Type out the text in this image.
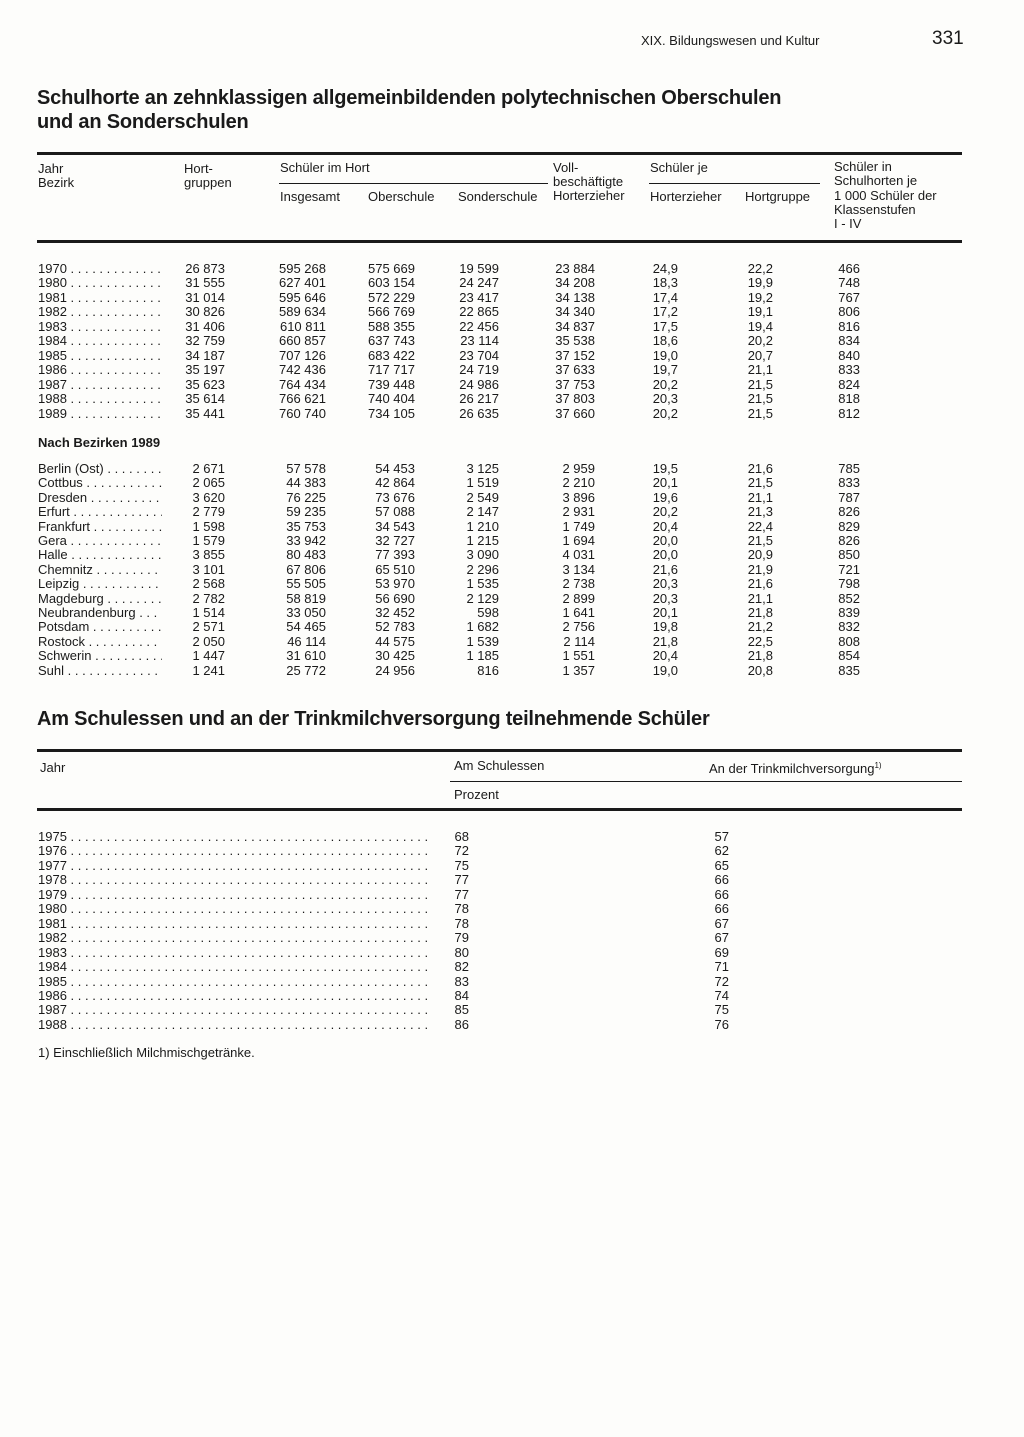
XIX. Bildungswesen und Kultur	331
Schulhorte an zehnklassigen allgemeinbildenden polytechnischen Oberschulen
und an Sonderschulen
Jahr
Bezirk
Hort-
gruppen
Schüler im Hort
Insgesamt Oberschule Sonderschule
Voll-
beschäftigte
Horterzieher
Schüler je
Horterzieher Hortgruppe
Schüler in
Schulhorten je
1 000 Schüler der
Klassenstufen
I - IV
1970 . . .	26 873	595 268	575 669	19 599	23 884	24,9	22,2	466
1980 . . .	31 555	627 401	603 154	24 247	34 208	18,3	19,9	748
1981 . . .	31 014	595 646	572 229	23 417	34 138	17,4	19,2	767
1982 . . .	30 826	589 634	566 769	22 865	34 340	17,2	19,1	806
1983 . . .	31 406	610 811	588 355	22 456	34 837	17,5	19,4	816
1984 . . .	32 759	660 857	637 743	23 114	35 538	18,6	20,2	834
1985 . . .	34 187	707 126	683 422	23 704	37 152	19,0	20,7	840
1986 . . .	35 197	742 436	717 717	24 719	37 633	19,7	21,1	833
1987 . . .	35 623	764 434	739 448	24 986	37 753	20,2	21,5	824
1988 . . .	35 614	766 621	740 404	26 217	37 803	20,3	21,5	818
1989 . . .	35 441	760 740	734 105	26 635	37 660	20,2	21,5	812
Nach Bezirken 1989
Berlin (Ost) . . .	2 671	57 578	54 453	3 125	2 959	19,5	21,6	785
Cottbus . . .	2 065	44 383	42 864	1 519	2 210	20,1	21,5	833
Dresden . . .	3 620	76 225	73 676	2 549	3 896	19,6	21,1	787
Erfurt . . .	2 779	59 235	57 088	2 147	2 931	20,2	21,3	826
Frankfurt . . .	1 598	35 753	34 543	1 210	1 749	20,4	22,4	829
Gera . . .	1 579	33 942	32 727	1 215	1 694	20,0	21,5	826
Halle . . .	3 855	80 483	77 393	3 090	4 031	20,0	20,9	850
Chemnitz . . .	3 101	67 806	65 510	2 296	3 134	21,6	21,9	721
Leipzig . . .	2 568	55 505	53 970	1 535	2 738	20,3	21,6	798
Magdeburg . . .	2 782	58 819	56 690	2 129	2 899	20,3	21,1	852
Neubrandenburg . . .	1 514	33 050	32 452	598	1 641	20,1	21,8	839
Potsdam . . .	2 571	54 465	52 783	1 682	2 756	19,8	21,2	832
Rostock . . .	2 050	46 114	44 575	1 539	2 114	21,8	22,5	808
Schwerin . . .	1 447	31 610	30 425	1 185	1 551	20,4	21,8	854
Suhl . . .	1 241	25 772	24 956	816	1 357	19,0	20,8	835
Am Schulessen und an der Trinkmilchversorgung teilnehmende Schüler
Jahr	Am Schulessen	An der Trinkmilchversorgung$^{1)}$
Prozent
1975 . . .	68	57
1976 . . .	72	62
1977 . . .	75	65
1978 . . .	77	66
1979 . . .	77	66
1980 . . .	78	66
1981 . . .	78	67
1982 . . .	79	67
1983 . . .	80	69
1984 . . .	82	71
1985 . . .	83	72
1986 . . .	84	74
1987 . . .	85	75
1988 . . .	86	76
1) Einschließlich Milchmischgetränke.
